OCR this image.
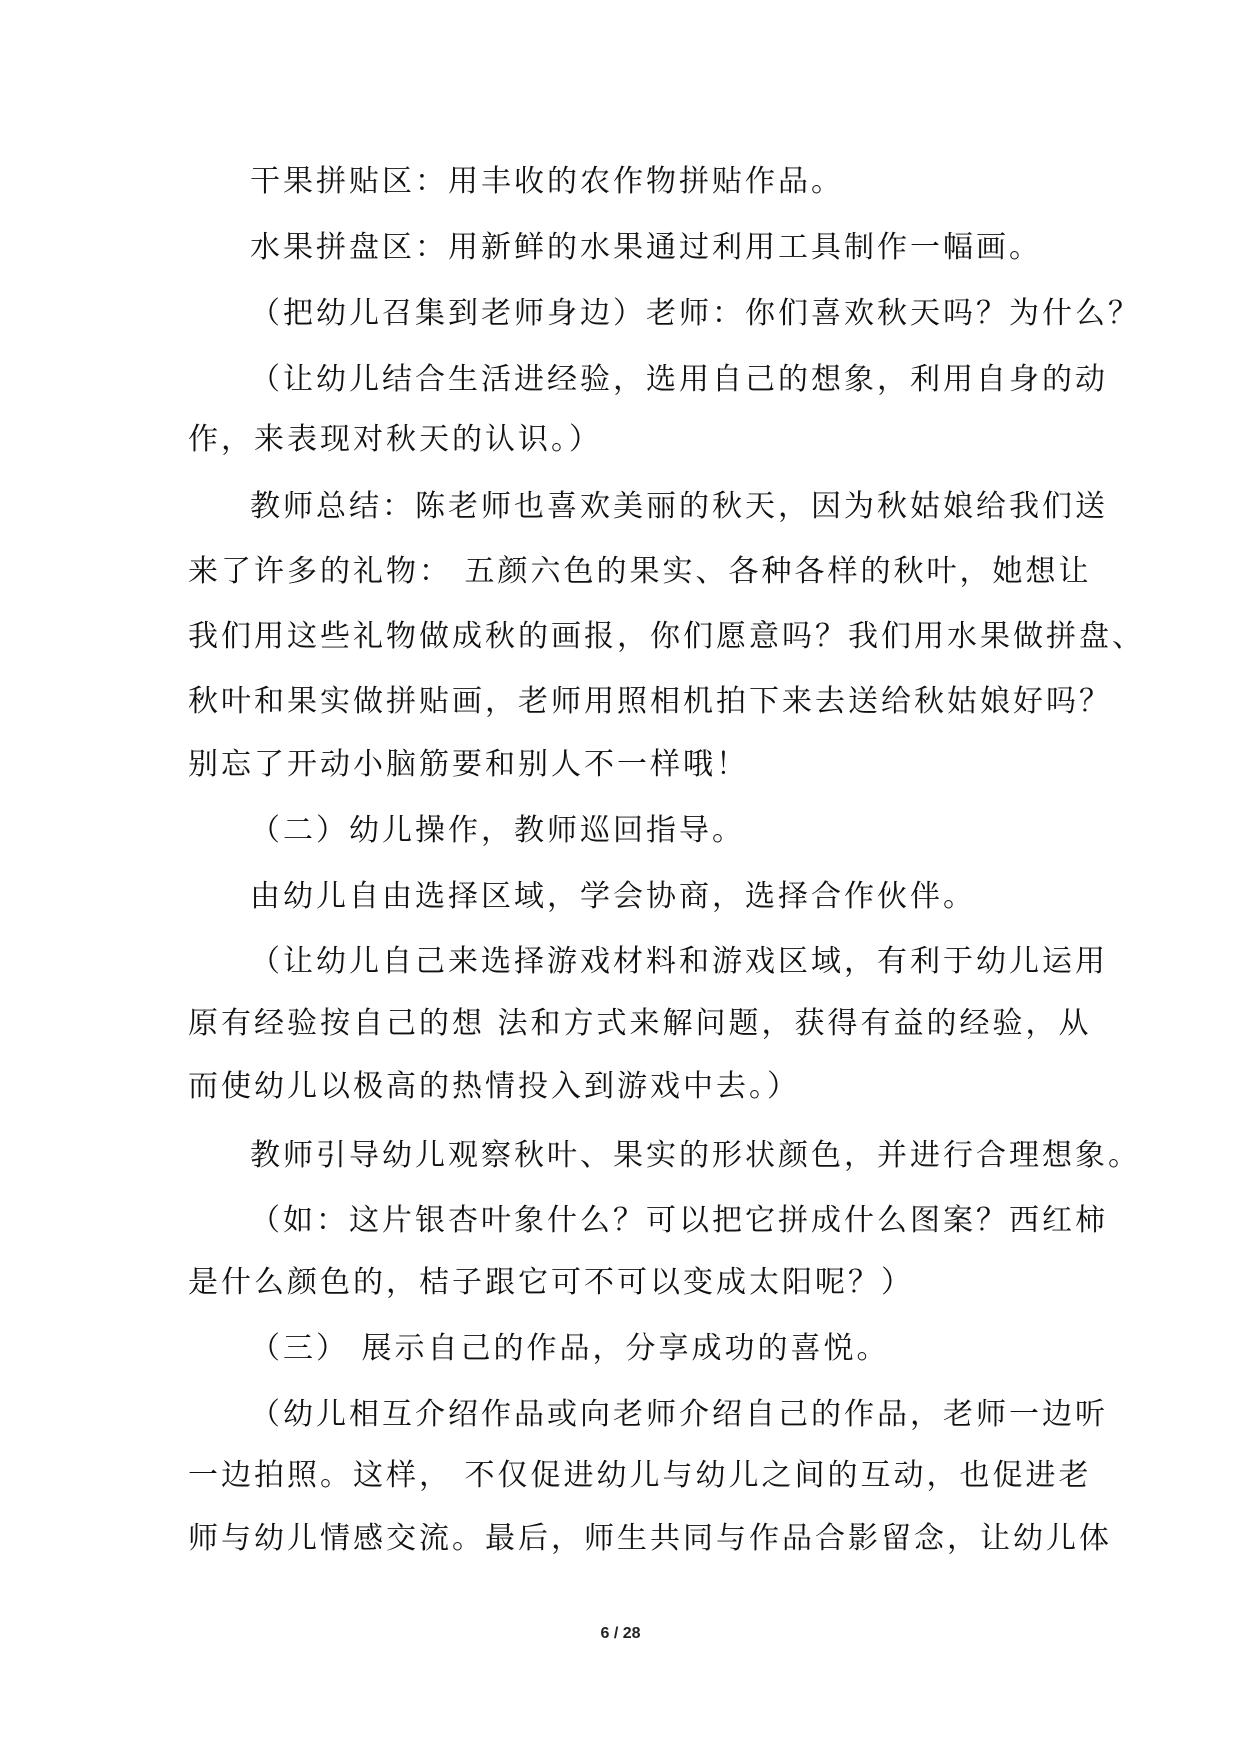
干果拼贴区：用丰收的农作物拼贴作品。
水果拼盘区：用新鲜的水果通过利用工具制作一幅画。
（把幼儿召集到老师身边）老师：你们喜欢秋天吗？为什么？
（让幼儿结合生活进经验，选用自己的想象，利用自身的动
作，来表现对秋天的认识。）
教师总结：陈老师也喜欢美丽的秋天，因为秋姑娘给我们送
来了许多的礼物： 五颜六色的果实、各种各样的秋叶，她想让
我们用这些礼物做成秋的画报，你们愿意吗？我们用水果做拼盘、
秋叶和果实做拼贴画，老师用照相机拍下来去送给秋姑娘好吗？
别忘了开动小脑筋要和别人不一样哦！
（二）幼儿操作，教师巡回指导。
由幼儿自由选择区域，学会协商，选择合作伙伴。
（让幼儿自己来选择游戏材料和游戏区域，有利于幼儿运用
原有经验按自己的想 法和方式来解问题，获得有益的经验，从
而使幼儿以极高的热情投入到游戏中去。）
教师引导幼儿观察秋叶、果实的形状颜色，并进行合理想象。
（如：这片银杏叶象什么？可以把它拼成什么图案？西红柿
是什么颜色的，桔子跟它可不可以变成太阳呢？）
（三） 展示自己的作品，分享成功的喜悦。
（幼儿相互介绍作品或向老师介绍自己的作品，老师一边听
一边拍照。这样， 不仅促进幼儿与幼儿之间的互动，也促进老
师与幼儿情感交流。最后，师生共同与作品合影留念，让幼儿体
6 / 28
